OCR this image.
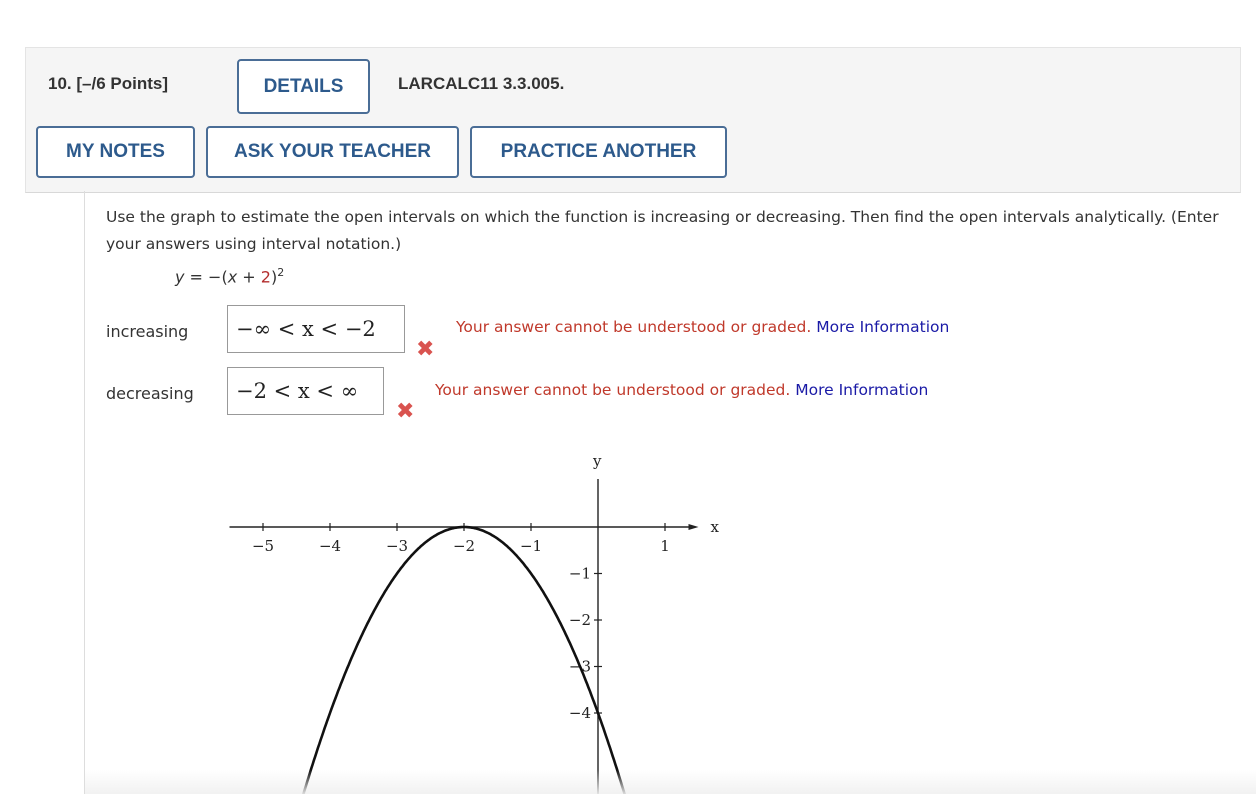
10. [–/6 Points]	DETAILS	LARCALC11 3.3.005.
MY NOTES	ASK YOUR TEACHER	PRACTICE ANOTHER
Use the graph to estimate the open intervals on which the function is increasing or decreasing. Then find the open intervals analytically. (Enter your answers using interval notation.)
$y = -(x + 2)^2$
increasing
−∞ < x < −2
✖
Your answer cannot be understood or graded. More Information
decreasing
−2 < x < ∞
✖
Your answer cannot be understood or graded. More Information
x
y
−5	−4	−3	−2	−1	1
−1
−2
−3
−4
